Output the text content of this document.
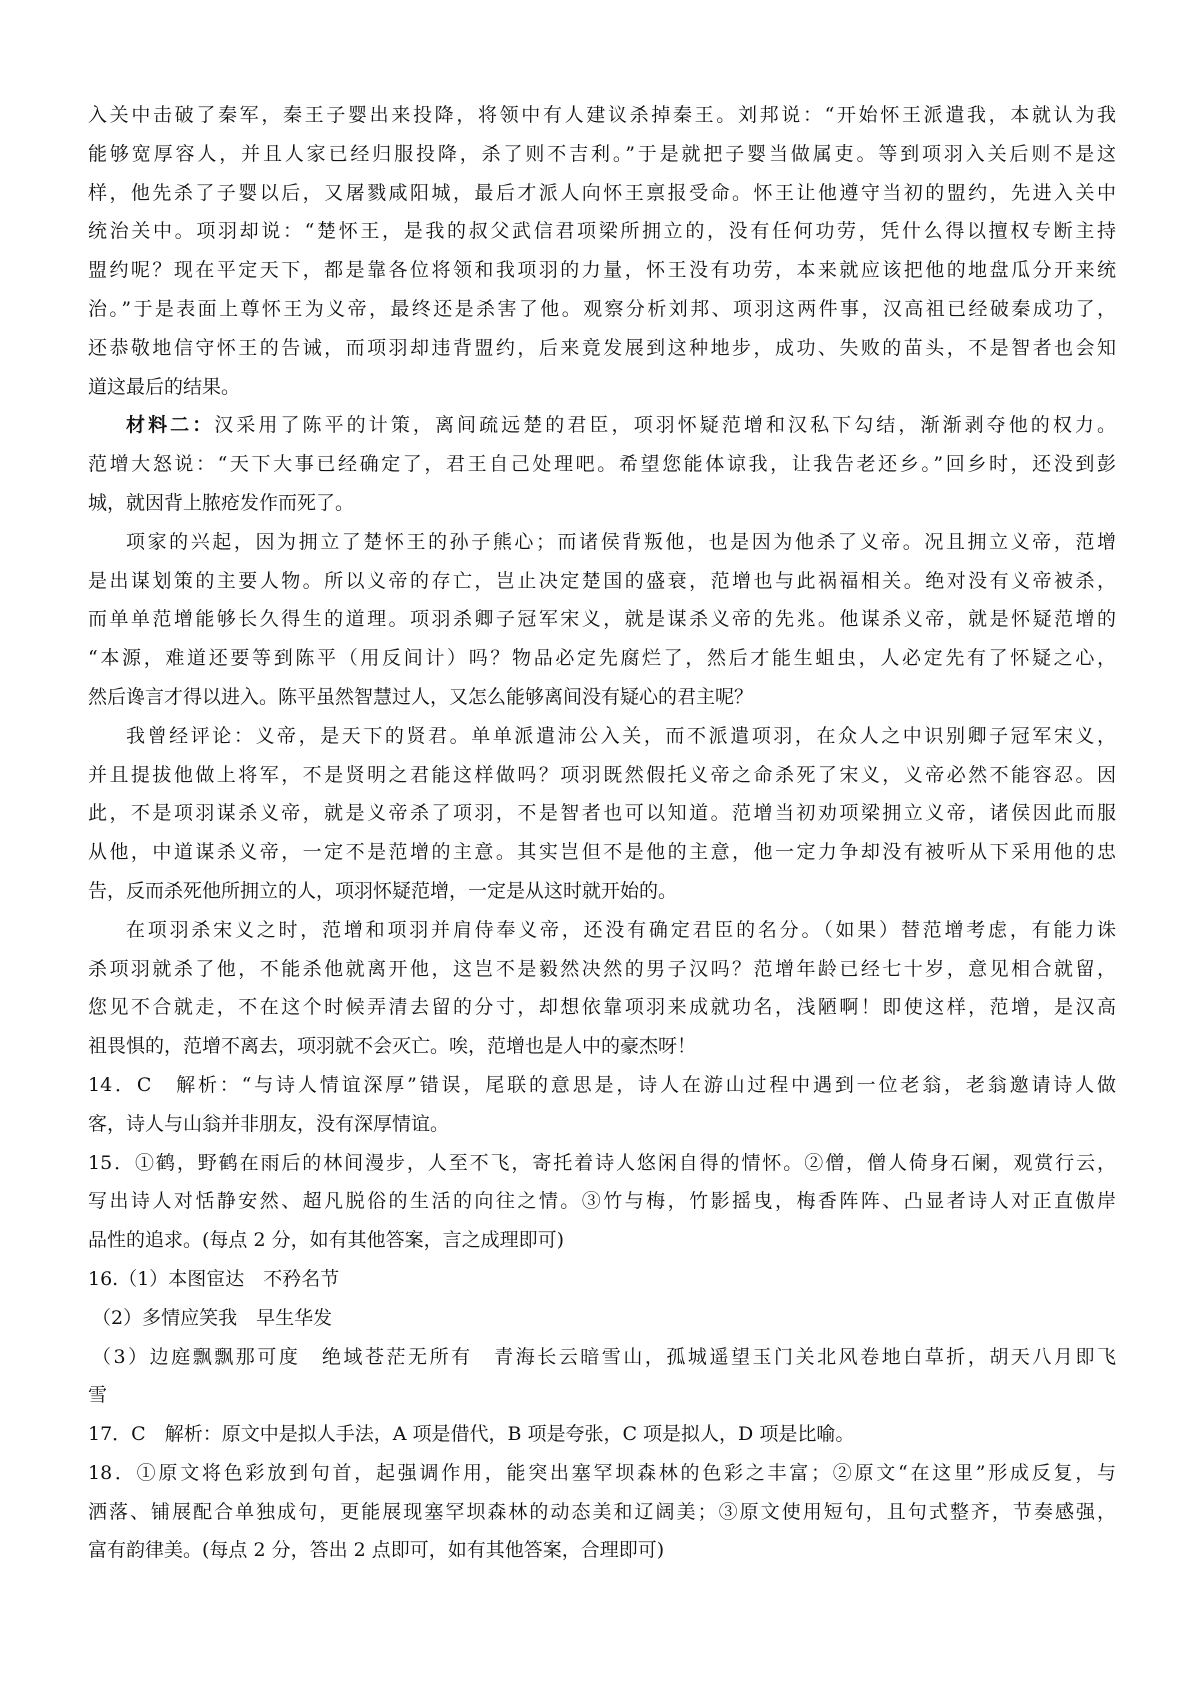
入关中击破了秦军，秦王子婴出来投降，将领中有人建议杀掉秦王。刘邦说：“开始怀王派遣我，本就认为我
能够宽厚容人，并且人家已经归服投降，杀了则不吉利。”于是就把子婴当做属吏。等到项羽入关后则不是这
样，他先杀了子婴以后，又屠戮咸阳城，最后才派人向怀王禀报受命。怀王让他遵守当初的盟约，先进入关中
统治关中。项羽却说：“楚怀王，是我的叔父武信君项梁所拥立的，没有任何功劳，凭什么得以擅权专断主持
盟约呢？现在平定天下，都是靠各位将领和我项羽的力量，怀王没有功劳，本来就应该把他的地盘瓜分开来统
治。”于是表面上尊怀王为义帝，最终还是杀害了他。观察分析刘邦、项羽这两件事，汉高祖已经破秦成功了，
还恭敬地信守怀王的告诫，而项羽却违背盟约，后来竟发展到这种地步，成功、失败的苗头，不是智者也会知
道这最后的结果。
材料二：汉采用了陈平的计策，离间疏远楚的君臣，项羽怀疑范增和汉私下勾结，渐渐剥夺他的权力。
范增大怒说：“天下大事已经确定了，君王自己处理吧。希望您能体谅我，让我告老还乡。”回乡时，还没到彭
城，就因背上脓疮发作而死了。
项家的兴起，因为拥立了楚怀王的孙子熊心；而诸侯背叛他，也是因为他杀了义帝。况且拥立义帝，范增
是出谋划策的主要人物。所以义帝的存亡，岂止决定楚国的盛衰，范增也与此祸福相关。绝对没有义帝被杀，
而单单范增能够长久得生的道理。项羽杀卿子冠军宋义，就是谋杀义帝的先兆。他谋杀义帝，就是怀疑范增的
“本源，难道还要等到陈平（用反间计）吗？物品必定先腐烂了，然后才能生蛆虫，人必定先有了怀疑之心，
然后谗言才得以进入。陈平虽然智慧过人，又怎么能够离间没有疑心的君主呢？
我曾经评论：义帝，是天下的贤君。单单派遣沛公入关，而不派遣项羽，在众人之中识别卿子冠军宋义，
并且提拔他做上将军，不是贤明之君能这样做吗？项羽既然假托义帝之命杀死了宋义，义帝必然不能容忍。因
此，不是项羽谋杀义帝，就是义帝杀了项羽，不是智者也可以知道。范增当初劝项梁拥立义帝，诸侯因此而服
从他，中道谋杀义帝，一定不是范增的主意。其实岂但不是他的主意，他一定力争却没有被听从下采用他的忠
告，反而杀死他所拥立的人，项羽怀疑范增，一定是从这时就开始的。
在项羽杀宋义之时，范增和项羽并肩侍奉义帝，还没有确定君臣的名分。（如果）替范增考虑，有能力诛
杀项羽就杀了他，不能杀他就离开他，这岂不是毅然决然的男子汉吗？范增年龄已经七十岁，意见相合就留，
您见不合就走，不在这个时候弄清去留的分寸，却想依靠项羽来成就功名，浅陋啊！即使这样，范增，是汉高
祖畏惧的，范增不离去，项羽就不会灭亡。唉，范增也是人中的豪杰呀！
14．C　解析：“与诗人情谊深厚”错误，尾联的意思是，诗人在游山过程中遇到一位老翁，老翁邀请诗人做
客，诗人与山翁并非朋友，没有深厚情谊。
15．①鹤，野鹤在雨后的林间漫步，人至不飞，寄托着诗人悠闲自得的情怀。②僧，僧人倚身石阑，观赏行云，
写出诗人对恬静安然、超凡脱俗的生活的向往之情。③竹与梅，竹影摇曳，梅香阵阵、凸显者诗人对正直傲岸
品性的追求。(每点 2 分，如有其他答案，言之成理即可)
16.（1）本图宦达　不矜名节
（2）多情应笑我　早生华发
（3）边庭飘飘那可度　绝域苍茫无所有　青海长云暗雪山，孤城遥望玉门关北风卷地白草折，胡天八月即飞
雪
17．C　解析：原文中是拟人手法，A 项是借代，B 项是夸张，C 项是拟人，D 项是比喻。
18．①原文将色彩放到句首，起强调作用，能突出塞罕坝森林的色彩之丰富；②原文“在这里”形成反复，与
洒落、铺展配合单独成句，更能展现塞罕坝森林的动态美和辽阔美；③原文使用短句，且句式整齐，节奏感强，
富有韵律美。(每点 2 分，答出 2 点即可，如有其他答案，合理即可)
